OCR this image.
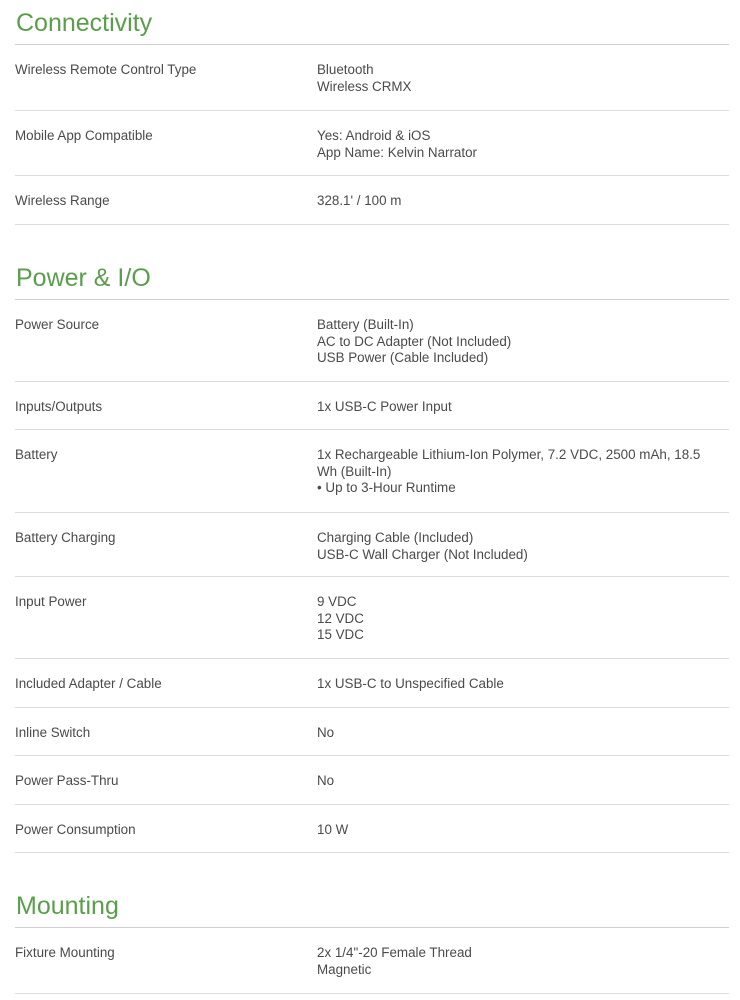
Connectivity
Wireless Remote Control Type	Bluetooth
Wireless CRMX
Mobile App Compatible	Yes: Android & iOS
App Name: Kelvin Narrator
Wireless Range	328.1' / 100 m
Power & I/O
Power Source	Battery (Built-In)
AC to DC Adapter (Not Included)
USB Power (Cable Included)
Inputs/Outputs	1x USB-C Power Input
Battery	1x Rechargeable Lithium-Ion Polymer, 7.2 VDC, 2500 mAh, 18.5
Wh (Built-In)
• Up to 3-Hour Runtime
Battery Charging	Charging Cable (Included)
USB-C Wall Charger (Not Included)
Input Power	9 VDC
12 VDC
15 VDC
Included Adapter / Cable	1x USB-C to Unspecified Cable
Inline Switch	No
Power Pass-Thru	No
Power Consumption	10 W
Mounting
Fixture Mounting	2x 1/4"-20 Female Thread
Magnetic
